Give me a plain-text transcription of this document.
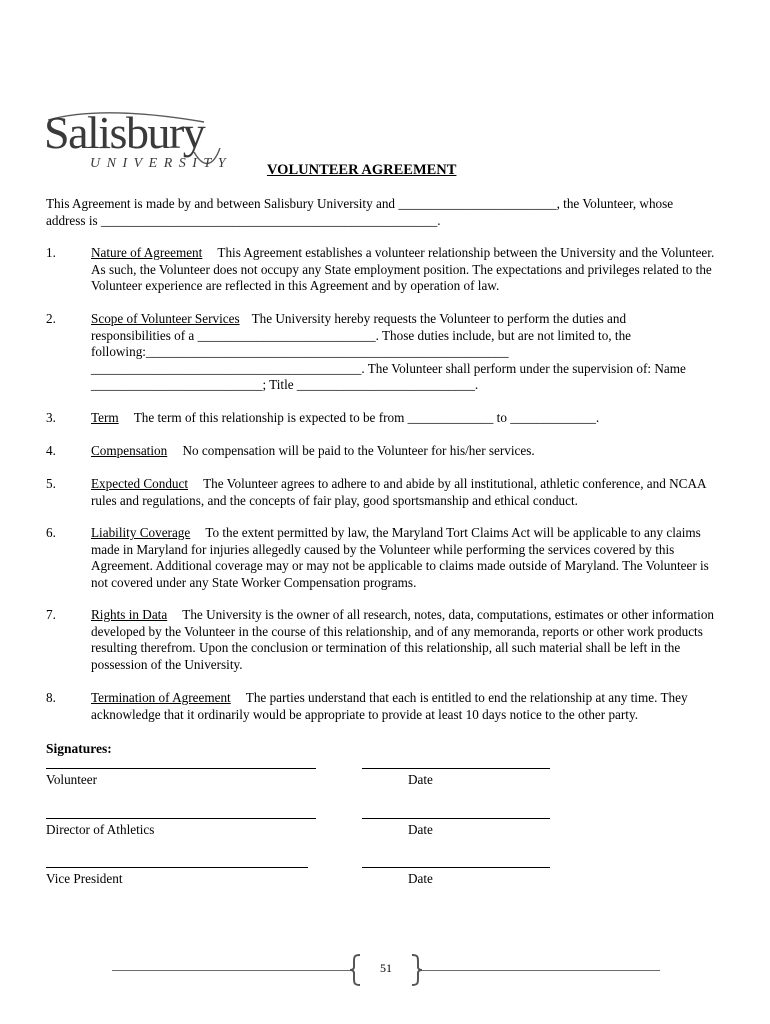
Salisbury
UNIVERSITY VOLUNTEER AGREEMENT
This Agreement is made by and between Salisbury University and ________________________, the Volunteer, whose
address is ___________________________________________________.
1.	Nature of Agreement This Agreement establishes a volunteer relationship between the University and the Volunteer. As such, the Volunteer does not occupy any State employment position. The expectations and privileges related to the Volunteer experience are reflected in this Agreement and by operation of law.
2.	Scope of Volunteer Services The University hereby requests the Volunteer to perform the duties and
responsibilities of a ___________________________. Those duties include, but are not limited to, the
following:_______________________________________________________
_________________________________________. The Volunteer shall perform under the supervision of: Name
__________________________; Title ___________________________.
3.	Term The term of this relationship is expected to be from _____________ to _____________.
4.	Compensation No compensation will be paid to the Volunteer for his/her services.
5.	Expected Conduct The Volunteer agrees to adhere to and abide by all institutional, athletic conference, and NCAA rules and regulations, and the concepts of fair play, good sportsmanship and ethical conduct.
6.	Liability Coverage To the extent permitted by law, the Maryland Tort Claims Act will be applicable to any claims made in Maryland for injuries allegedly caused by the Volunteer while performing the services covered by this Agreement. Additional coverage may or may not be applicable to claims made outside of Maryland. The Volunteer is not covered under any State Worker Compensation programs.
7.	Rights in Data The University is the owner of all research, notes, data, computations, estimates or other information developed by the Volunteer in the course of this relationship, and of any memoranda, reports or other work products resulting therefrom. Upon the conclusion or termination of this relationship, all such material shall be left in the possession of the University.
8.	Termination of Agreement The parties understand that each is entitled to end the relationship at any time. They acknowledge that it ordinarily would be appropriate to provide at least 10 days notice to the other party.
Signatures:
Volunteer	Date
Director of Athletics	Date
Vice President	Date
51
